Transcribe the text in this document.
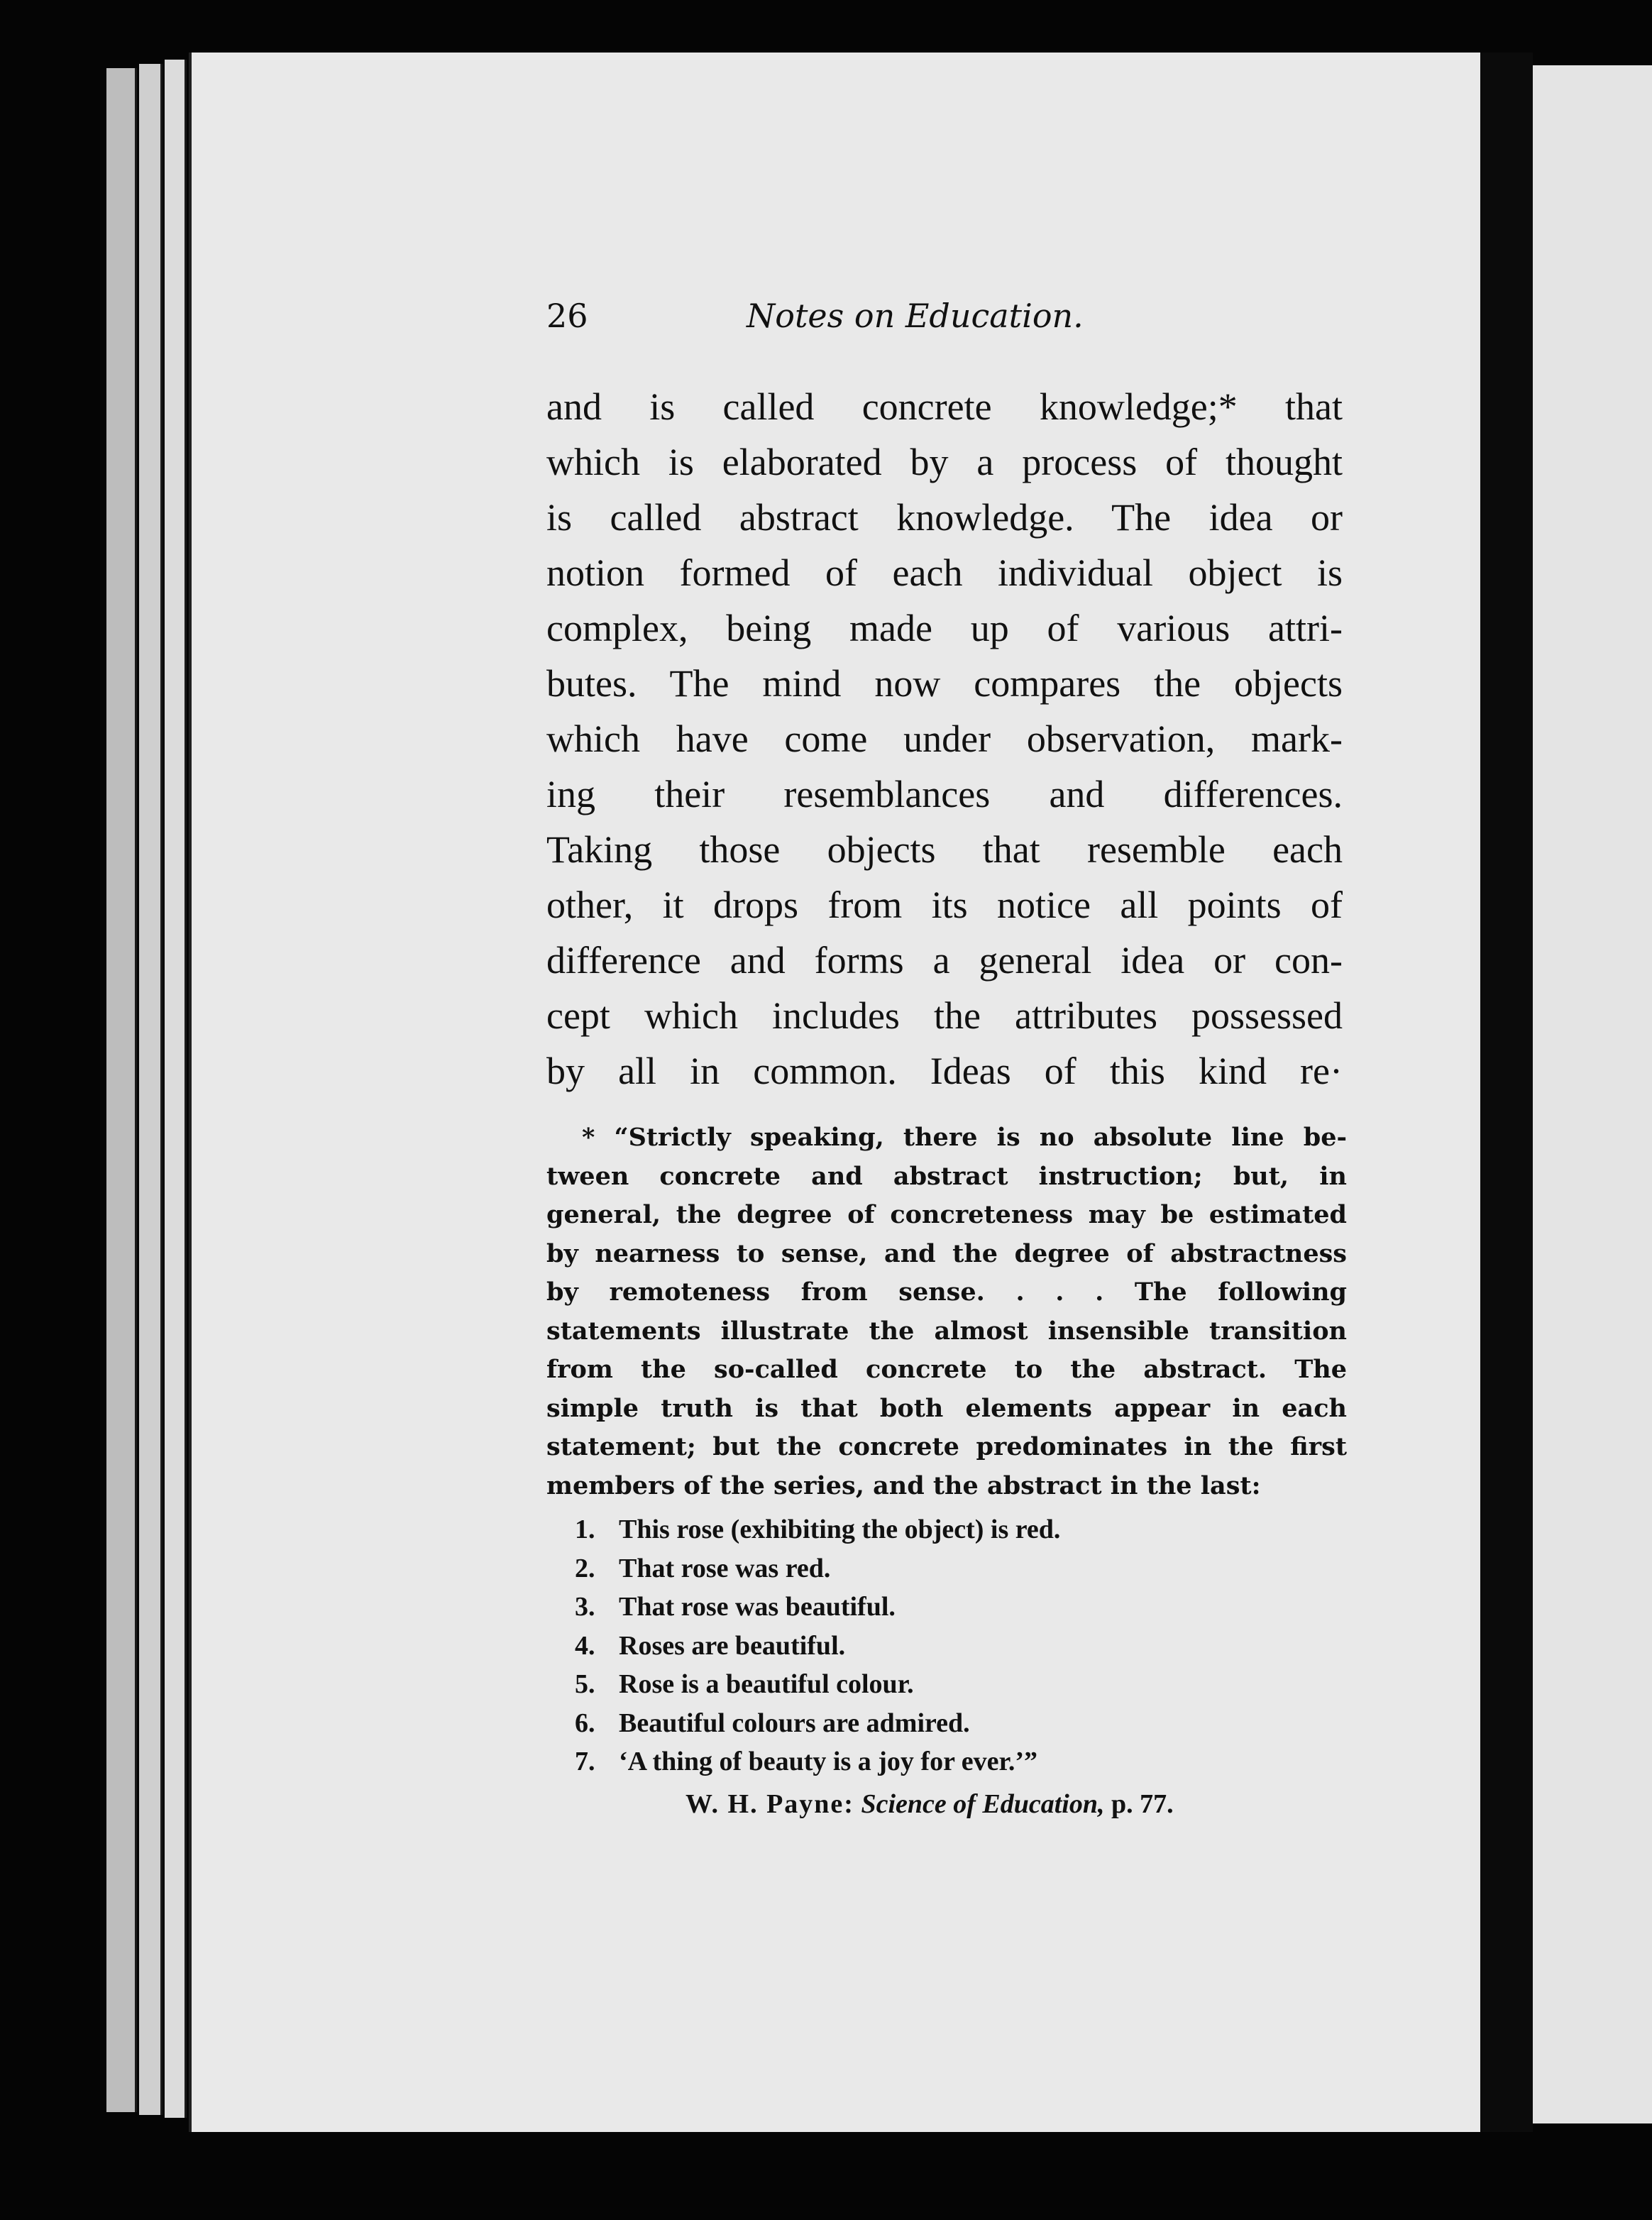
26	Notes on Education.
and is called concrete knowledge;* that
which is elaborated by a process of thought
is called abstract knowledge. The idea or
notion formed of each individual object is
complex, being made up of various attri-
butes. The mind now compares the objects
which have come under observation, mark-
ing their resemblances and differences.
Taking those objects that resemble each
other, it drops from its notice all points of
difference and forms a general idea or con-
cept which includes the attributes possessed
by all in common. Ideas of this kind re·
* “Strictly speaking, there is no absolute line be-
tween concrete and abstract instruction; but, in
general, the degree of concreteness may be estimated
by nearness to sense, and the degree of abstractness
by remoteness from sense. . . . The following
statements illustrate the almost insensible transition
from the so-called concrete to the abstract. The
simple truth is that both elements appear in each
statement; but the concrete predominates in the first
members of the series, and the abstract in the last:
1. This rose (exhibiting the object) is red.
2. That rose was red.
3. That rose was beautiful.
4. Roses are beautiful.
5. Rose is a beautiful colour.
6. Beautiful colours are admired.
7. ‘A thing of beauty is a joy for ever.’”
W. H. Payne: Science of Education, p. 77.
